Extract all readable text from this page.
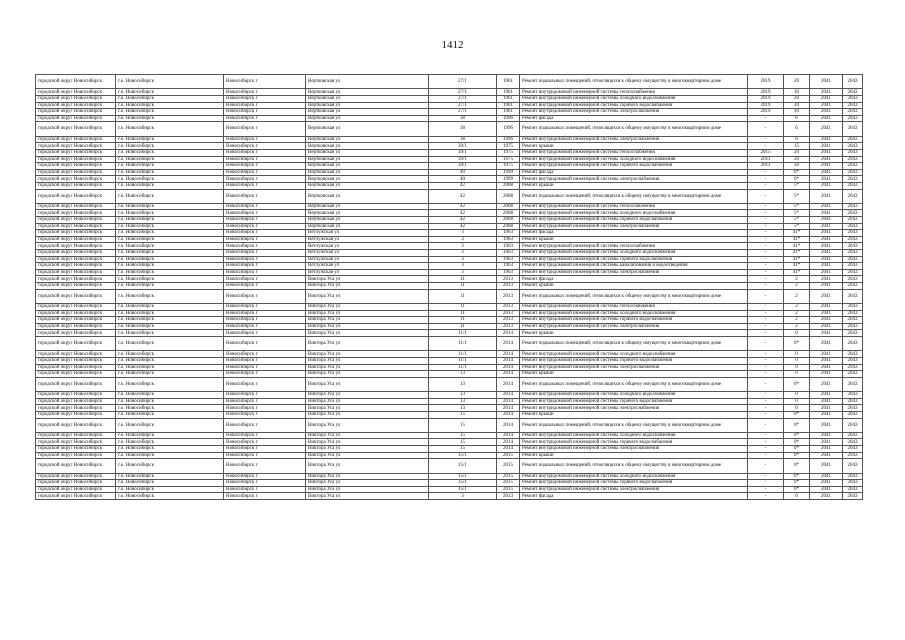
1412
городской округ Новосибирск	г.о. Новосибирск	Новосибирск г	Вертковская ул	27/1	1961	Ремонт подвальных помещений, относящихся к общему имуществу в многоквартирном доме	2019	20	2041	2043
городской округ Новосибирск	г.о. Новосибирск	Новосибирск г	Вертковская ул	27/1	1961	Ремонт внутридомовой инженерной системы теплоснабжения	2019	10	2041	2043
городской округ Новосибирск	г.о. Новосибирск	Новосибирск г	Вертковская ул	27/1	1961	Ремонт внутридомовой инженерной системы холодного водоснабжения	2019	20	2041	2043
городской округ Новосибирск	г.о. Новосибирск	Новосибирск г	Вертковская ул	27/1	1961	Ремонт внутридомовой инженерной системы горячего водоснабжения	2019	20	2041	2043
городской округ Новосибирск	г.о. Новосибирск	Новосибирск г	Вертковская ул	27/1	1961	Ремонт внутридомовой инженерной системы электроснабжения	2019	10	2041	2043
городской округ Новосибирск	г.о. Новосибирск	Новосибирск г	Вертковская ул	38	1996	Ремонт фасада	-	6	2041	2043
городской округ Новосибирск	г.о. Новосибирск	Новосибирск г	Вертковская ул	38	1996	Ремонт подвальных помещений, относящихся к общему имуществу в многоквартирном доме	-	6	2041	2043
городской округ Новосибирск	г.о. Новосибирск	Новосибирск г	Вертковская ул	38	1996	Ремонт внутридомовой инженерной системы электроснабжения	-	8	2041	2043
городской округ Новосибирск	г.о. Новосибирск	Новосибирск г	Вертковская ул	39/1	1975	Ремонт крыши	-	15	2041	2043
городской округ Новосибирск	г.о. Новосибирск	Новосибирск г	Вертковская ул	39/1	1975	Ремонт внутридомовой инженерной системы теплоснабжения	2015	20	2041	2043
городской округ Новосибирск	г.о. Новосибирск	Новосибирск г	Вертковская ул	39/1	1975	Ремонт внутридомовой инженерной системы холодного водоснабжения	2011	20	2041	2043
городской округ Новосибирск	г.о. Новосибирск	Новосибирск г	Вертковская ул	39/1	1975	Ремонт внутридомовой инженерной системы горячего водоснабжения	2011	20	2041	2043
городской округ Новосибирск	г.о. Новосибирск	Новосибирск г	Вертковская ул	40	1999	Ремонт фасада	-	0*	2041	2043
городской округ Новосибирск	г.о. Новосибирск	Новосибирск г	Вертковская ул	40	1999	Ремонт внутридомовой инженерной системы электроснабжения	-	0*	2041	2043
городской округ Новосибирск	г.о. Новосибирск	Новосибирск г	Вертковская ул	42	2008	Ремонт крыши	-	5*	2041	2043
городской округ Новосибирск	г.о. Новосибирск	Новосибирск г	Вертковская ул	42	2008	Ремонт подвальных помещений, относящихся к общему имуществу в многоквартирном доме	-	5*	2041	2043
городской округ Новосибирск	г.о. Новосибирск	Новосибирск г	Вертковская ул	42	2008	Ремонт внутридомовой инженерной системы теплоснабжения	-	5*	2041	2043
городской округ Новосибирск	г.о. Новосибирск	Новосибирск г	Вертковская ул	42	2008	Ремонт внутридомовой инженерной системы холодного водоснабжения	-	5*	2041	2043
городской округ Новосибирск	г.о. Новосибирск	Новосибирск г	Вертковская ул	42	2008	Ремонт внутридомовой инженерной системы горячего водоснабжения	-	5*	2041	2043
городской округ Новосибирск	г.о. Новосибирск	Новосибирск г	Вертковская ул	42	2008	Ремонт внутридомовой инженерной системы электроснабжения	-	5*	2041	2043
городской округ Новосибирск	г.о. Новосибирск	Новосибирск г	Ветлужская ул	3	1963	Ремонт фасада	-	41*	2041	2043
городской округ Новосибирск	г.о. Новосибирск	Новосибирск г	Ветлужская ул	3	1963	Ремонт крыши	-	41*	2041	2043
городской округ Новосибирск	г.о. Новосибирск	Новосибирск г	Ветлужская ул	3	1963	Ремонт внутридомовой инженерной системы теплоснабжения	-	41*	2041	2043
городской округ Новосибирск	г.о. Новосибирск	Новосибирск г	Ветлужская ул	3	1963	Ремонт внутридомовой инженерной системы холодного водоснабжения	-	41*	2041	2043
городской округ Новосибирск	г.о. Новосибирск	Новосибирск г	Ветлужская ул	3	1963	Ремонт внутридомовой инженерной системы горячего водоснабжения	-	41*	2041	2043
городской округ Новосибирск	г.о. Новосибирск	Новосибирск г	Ветлужская ул	3	1963	Ремонт внутридомовой инженерной системы канализования и водоотведения	-	41*	2041	2043
городской округ Новосибирск	г.о. Новосибирск	Новосибирск г	Ветлужская ул	3	1963	Ремонт внутридомовой инженерной системы электроснабжения	-	41*	2041	2043
городской округ Новосибирск	г.о. Новосибирск	Новосибирск г	Виктора Уса ул	11	2013	Ремонт фасада	-	2	2041	2043
городской округ Новосибирск	г.о. Новосибирск	Новосибирск г	Виктора Уса ул	11	2013	Ремонт крыши	-	2	2041	2043
городской округ Новосибирск	г.о. Новосибирск	Новосибирск г	Виктора Уса ул	11	2013	Ремонт подвальных помещений, относящихся к общему имуществу в многоквартирном доме	-	2	2041	2043
городской округ Новосибирск	г.о. Новосибирск	Новосибирск г	Виктора Уса ул	11	2013	Ремонт внутридомовой инженерной системы теплоснабжения	-	2	2041	2043
городской округ Новосибирск	г.о. Новосибирск	Новосибирск г	Виктора Уса ул	11	2013	Ремонт внутридомовой инженерной системы холодного водоснабжения	-	2	2041	2043
городской округ Новосибирск	г.о. Новосибирск	Новосибирск г	Виктора Уса ул	11	2013	Ремонт внутридомовой инженерной системы горячего водоснабжения	-	2	2041	2043
городской округ Новосибирск	г.о. Новосибирск	Новосибирск г	Виктора Уса ул	11	2013	Ремонт внутридомовой инженерной системы электроснабжения	-	2	2041	2043
городской округ Новосибирск	г.о. Новосибирск	Новосибирск г	Виктора Уса ул	11/1	2014	Ремонт крыши	-	0	2041	2043
городской округ Новосибирск	г.о. Новосибирск	Новосибирск г	Виктора Уса ул	11/1	2014	Ремонт подвальных помещений, относящихся к общему имуществу в многоквартирном доме	-	0*	2041	2043
городской округ Новосибирск	г.о. Новосибирск	Новосибирск г	Виктора Уса ул	11/1	2014	Ремонт внутридомовой инженерной системы холодного водоснабжения	-	0	2041	2043
городской округ Новосибирск	г.о. Новосибирск	Новосибирск г	Виктора Уса ул	11/1	2014	Ремонт внутридомовой инженерной системы горячего водоснабжения	-	0	2041	2043
городской округ Новосибирск	г.о. Новосибирск	Новосибирск г	Виктора Уса ул	11/1	2014	Ремонт внутридомовой инженерной системы электроснабжения	-	0	2041	2043
городской округ Новосибирск	г.о. Новосибирск	Новосибирск г	Виктора Уса ул	13	2014	Ремонт крыши	-	0	2041	2043
городской округ Новосибирск	г.о. Новосибирск	Новосибирск г	Виктора Уса ул	13	2014	Ремонт подвальных помещений, относящихся к общему имуществу в многоквартирном доме	-	0*	2041	2043
городской округ Новосибирск	г.о. Новосибирск	Новосибирск г	Виктора Уса ул	13	2014	Ремонт внутридомовой инженерной системы холодного водоснабжения	-	0	2041	2043
городской округ Новосибирск	г.о. Новосибирск	Новосибирск г	Виктора Уса ул	13	2014	Ремонт внутридомовой инженерной системы горячего водоснабжения	-	0	2041	2043
городской округ Новосибирск	г.о. Новосибирск	Новосибирск г	Виктора Уса ул	13	2014	Ремонт внутридомовой инженерной системы электроснабжения	-	0	2041	2043
городской округ Новосибирск	г.о. Новосибирск	Новосибирск г	Виктора Уса ул	15	2014	Ремонт крыши	-	0*	2041	2043
городской округ Новосибирск	г.о. Новосибирск	Новосибирск г	Виктора Уса ул	15	2014	Ремонт подвальных помещений, относящихся к общему имуществу в многоквартирном доме	-	0*	2041	2043
городской округ Новосибирск	г.о. Новосибирск	Новосибирск г	Виктора Уса ул	15	2014	Ремонт внутридомовой инженерной системы холодного водоснабжения	-	0*	2041	2043
городской округ Новосибирск	г.о. Новосибирск	Новосибирск г	Виктора Уса ул	15	2014	Ремонт внутридомовой инженерной системы горячего водоснабжения	-	0*	2041	2043
городской округ Новосибирск	г.о. Новосибирск	Новосибирск г	Виктора Уса ул	15	2014	Ремонт внутридомовой инженерной системы электроснабжения	-	0*	2041	2043
городской округ Новосибирск	г.о. Новосибирск	Новосибирск г	Виктора Уса ул	15/1	2015	Ремонт крыши	-	0*	2041	2043
городской округ Новосибирск	г.о. Новосибирск	Новосибирск г	Виктора Уса ул	15/1	2015	Ремонт подвальных помещений, относящихся к общему имуществу в многоквартирном доме	-	0*	2041	2043
городской округ Новосибирск	г.о. Новосибирск	Новосибирск г	Виктора Уса ул	15/1	2015	Ремонт внутридомовой инженерной системы холодного водоснабжения	-	0*	2041	2043
городской округ Новосибирск	г.о. Новосибирск	Новосибирск г	Виктора Уса ул	15/1	2015	Ремонт внутридомовой инженерной системы горячего водоснабжения	-	0*	2041	2043
городской округ Новосибирск	г.о. Новосибирск	Новосибирск г	Виктора Уса ул	15/1	2015	Ремонт внутридомовой инженерной системы электроснабжения	-	0*	2041	2043
городской округ Новосибирск	г.о. Новосибирск	Новосибирск г	Виктора Уса ул	3	2013	Ремонт фасада	-	0	2041	2043
